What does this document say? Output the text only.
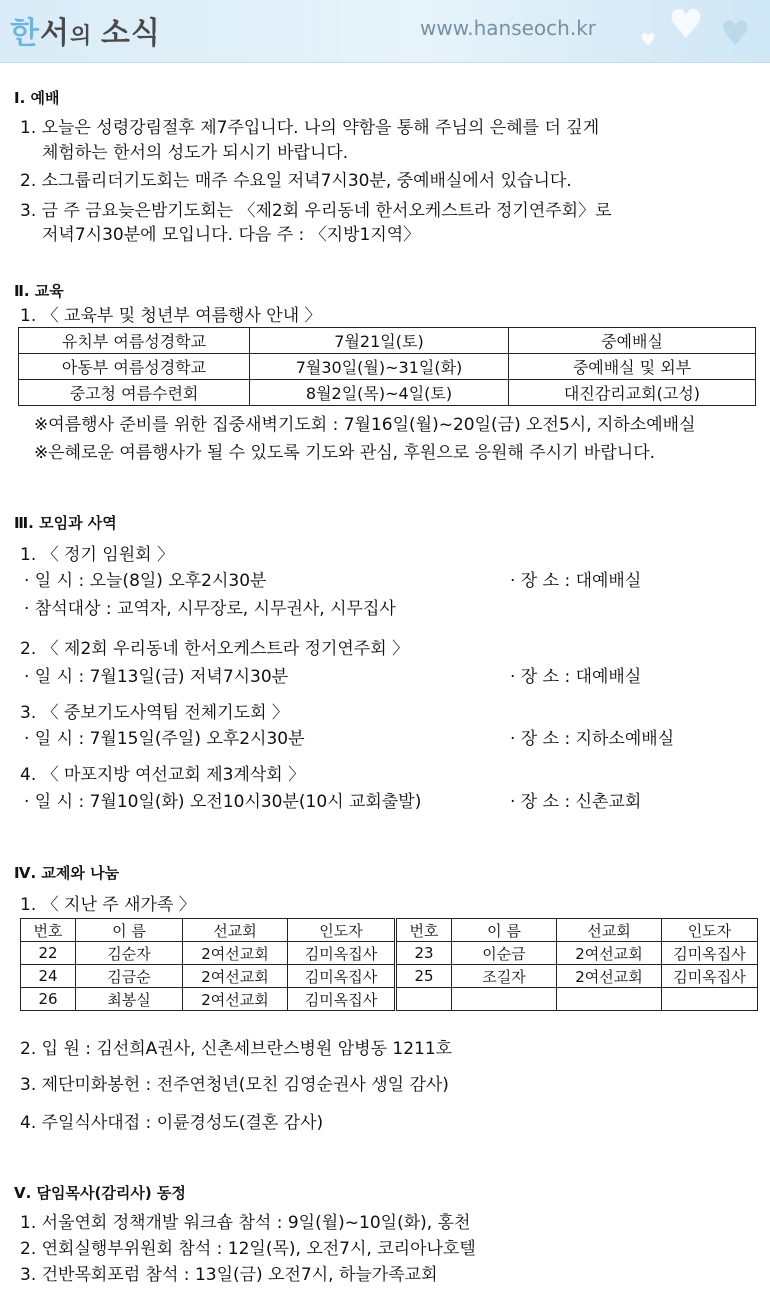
한서의 소식	www.hanseoch.kr ♥ ♥
♥
Ⅰ. 예배
1. 오늘은 성령강림절후 제7주입니다. 나의 약함을 통해 주님의 은혜를 더 깊게
체험하는 한서의 성도가 되시기 바랍니다.
2. 소그룹리더기도회는 매주 수요일 저녁7시30분, 중예배실에서 있습니다.
3. 금 주 금요늦은밤기도회는 〈제2회 우리동네 한서오케스트라 정기연주회〉로
저녁7시30분에 모입니다. 다음 주 : 〈지방1지역〉
Ⅱ. 교육
1. 〈 교육부 및 청년부 여름행사 안내 〉
※여름행사 준비를 위한 집중새벽기도회 : 7월16일(월)~20일(금) 오전5시, 지하소예배실
※은혜로운 여름행사가 될 수 있도록 기도와 관심, 후원으로 응원해 주시기 바랍니다.
Ⅲ. 모임과 사역
1. 〈 정기 임원회 〉
· 일 시 : 오늘(8일) 오후2시30분	· 장 소 : 대예배실
· 참석대상 : 교역자, 시무장로, 시무권사, 시무집사
2. 〈 제2회 우리동네 한서오케스트라 정기연주회 〉
· 일 시 : 7월13일(금) 저녁7시30분	· 장 소 : 대예배실
3. 〈 중보기도사역팀 전체기도회 〉
· 일 시 : 7월15일(주일) 오후2시30분	· 장 소 : 지하소예배실
4. 〈 마포지방 여선교회 제3계삭회 〉
· 일 시 : 7월10일(화) 오전10시30분(10시 교회출발)	· 장 소 : 신촌교회
Ⅳ. 교제와 나눔
1. 〈 지난 주 새가족 〉
2. 입 원 : 김선희A권사, 신촌세브란스병원 암병동 1211호
3. 제단미화봉헌 : 전주연청년(모친 김영순권사 생일 감사)
4. 주일식사대접 : 이륜경성도(결혼 감사)
Ⅴ. 담임목사(감리사) 동정
1. 서울연회 정책개발 워크숍 참석 : 9일(월)~10일(화), 홍천
2. 연회실행부위원회 참석 : 12일(목), 오전7시, 코리아나호텔
3. 건반목회포럼 참석 : 13일(금) 오전7시, 하늘가족교회
유치부 여름성경학교	7월21일(토)	중예배실
아동부 여름성경학교	7월30일(월)~31일(화)	중예배실 및 외부
중고청 여름수련회	8월2일(목)~4일(토)	대진감리교회(고성)
번호	이 름	선교회	인도자	번호	이 름	선교회	인도자
22	김순자	2여선교회	김미옥집사	23	이순금	2여선교회	김미옥집사
24	김금순	2여선교회	김미옥집사	25	조길자	2여선교회	김미옥집사
26	최봉실	2여선교회	김미옥집사				
